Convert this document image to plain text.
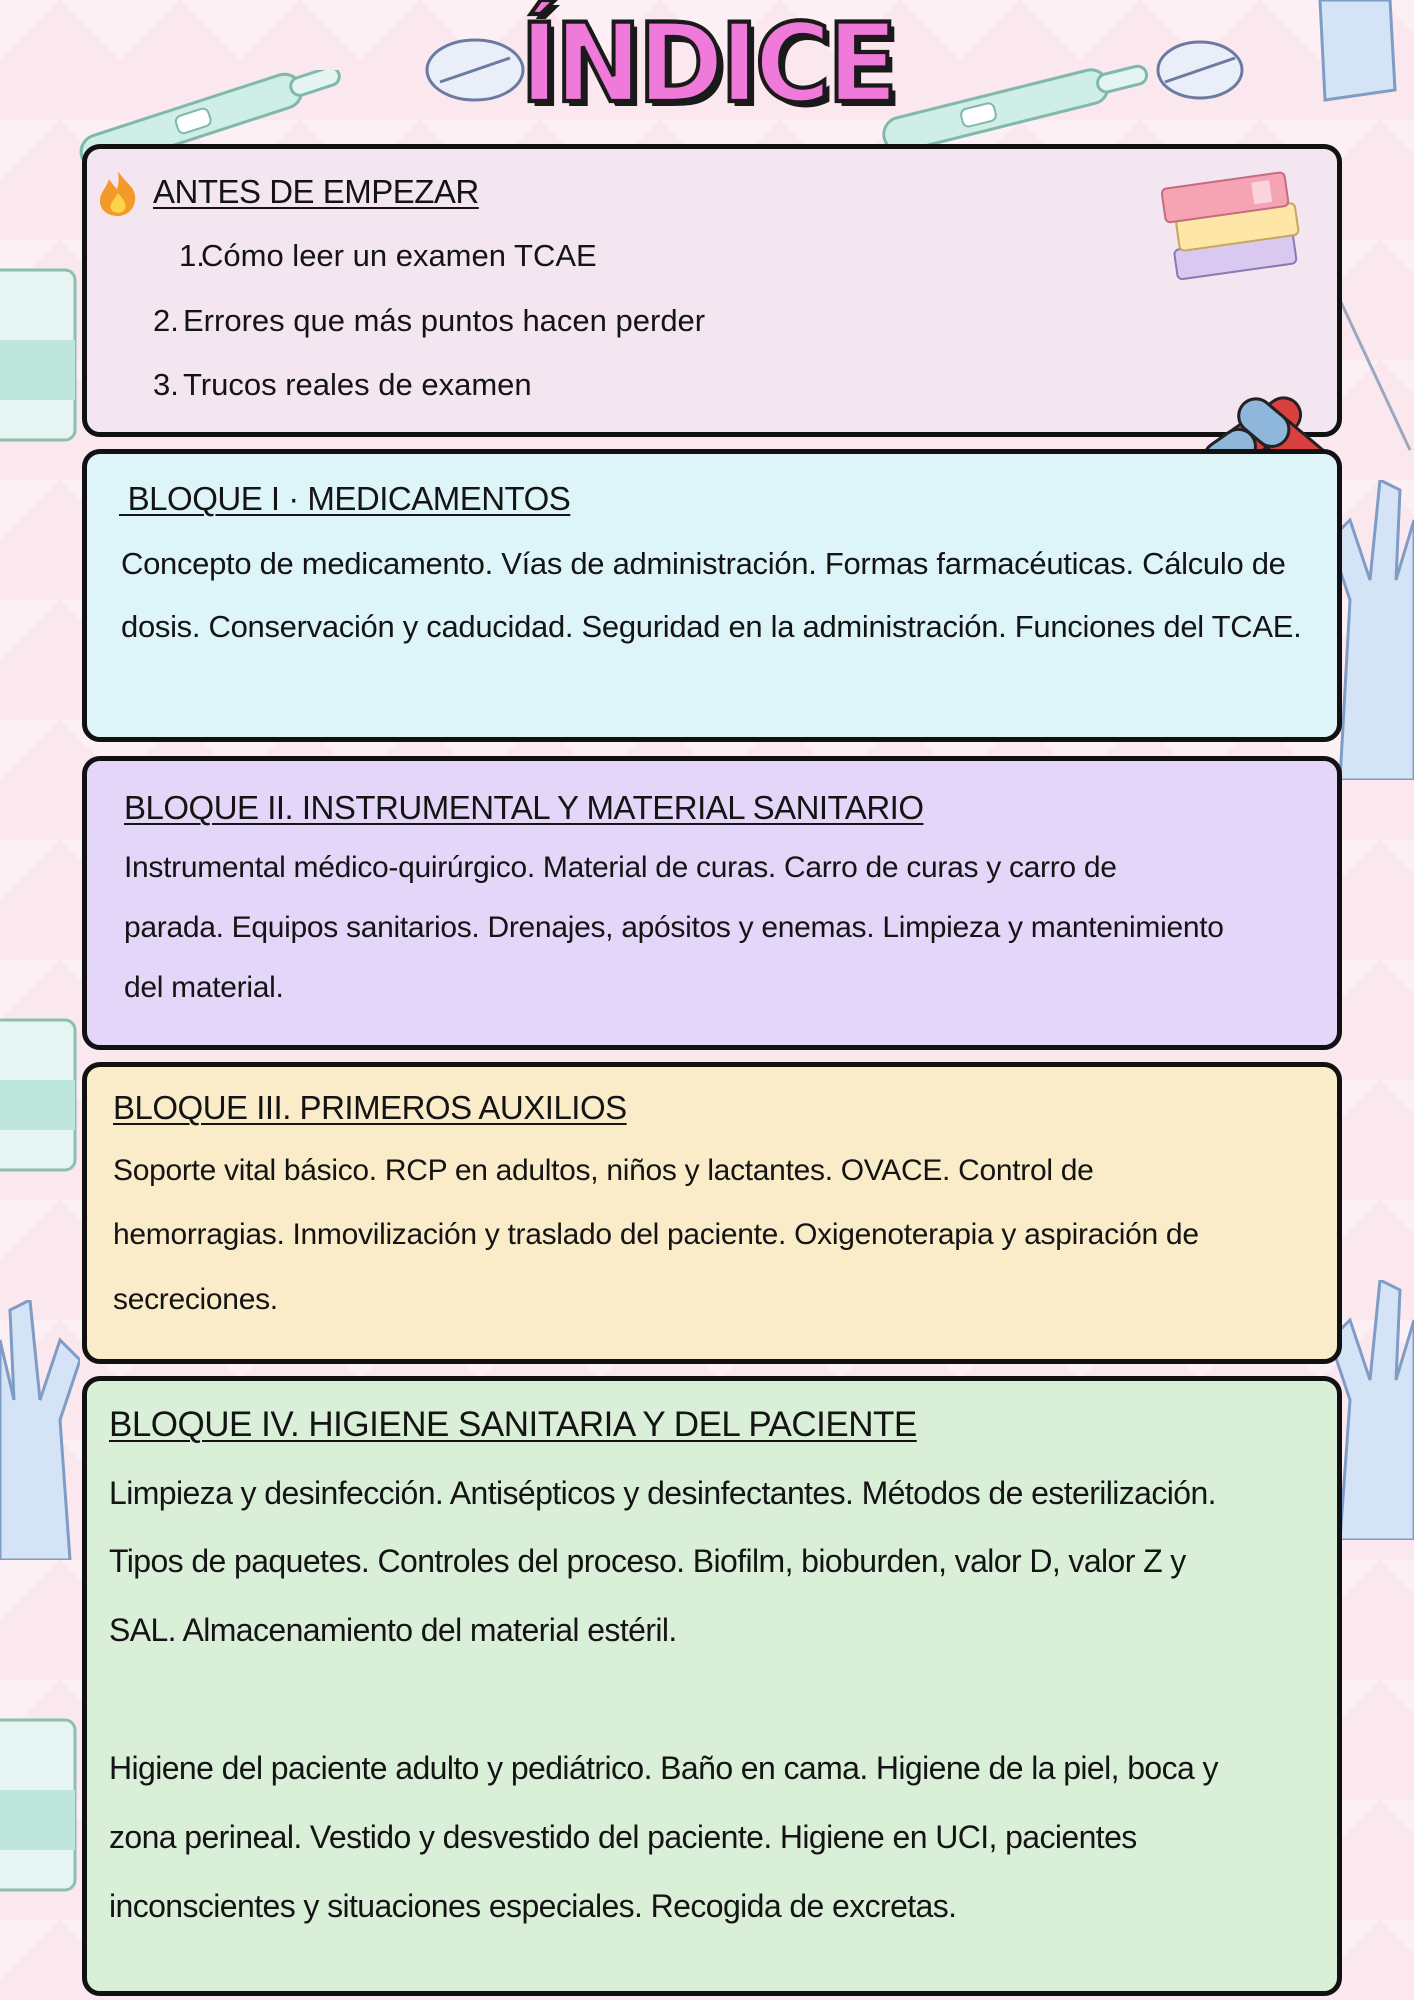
ÍNDICE
ANTES DE EMPEZAR
1.Cómo leer un examen TCAE
2. Errores que más puntos hacen perder
3. Trucos reales de examen
BLOQUE I · MEDICAMENTOS

Concepto de medicamento. Vías de administración. Formas farmacéuticas. Cálculo de

dosis. Conservación y caducidad. Seguridad en la administración. Funciones del TCAE.

BLOQUE II. INSTRUMENTAL Y MATERIAL SANITARIO

Instrumental médico-quirúrgico. Material de curas. Carro de curas y carro de

parada. Equipos sanitarios. Drenajes, apósitos y enemas. Limpieza y mantenimiento

del material.

BLOQUE III. PRIMEROS AUXILIOS

Soporte vital básico. RCP en adultos, niños y lactantes. OVACE. Control de

hemorragias. Inmovilización y traslado del paciente. Oxigenoterapia y aspiración de

secreciones.

BLOQUE IV. HIGIENE SANITARIA Y DEL PACIENTE

Limpieza y desinfección. Antisépticos y desinfectantes. Métodos de esterilización.

Tipos de paquetes. Controles del proceso. Biofilm, bioburden, valor D, valor Z y

SAL. Almacenamiento del material estéril.

Higiene del paciente adulto y pediátrico. Baño en cama. Higiene de la piel, boca y

zona perineal. Vestido y desvestido del paciente. Higiene en UCI, pacientes

inconscientes y situaciones especiales. Recogida de excretas.
